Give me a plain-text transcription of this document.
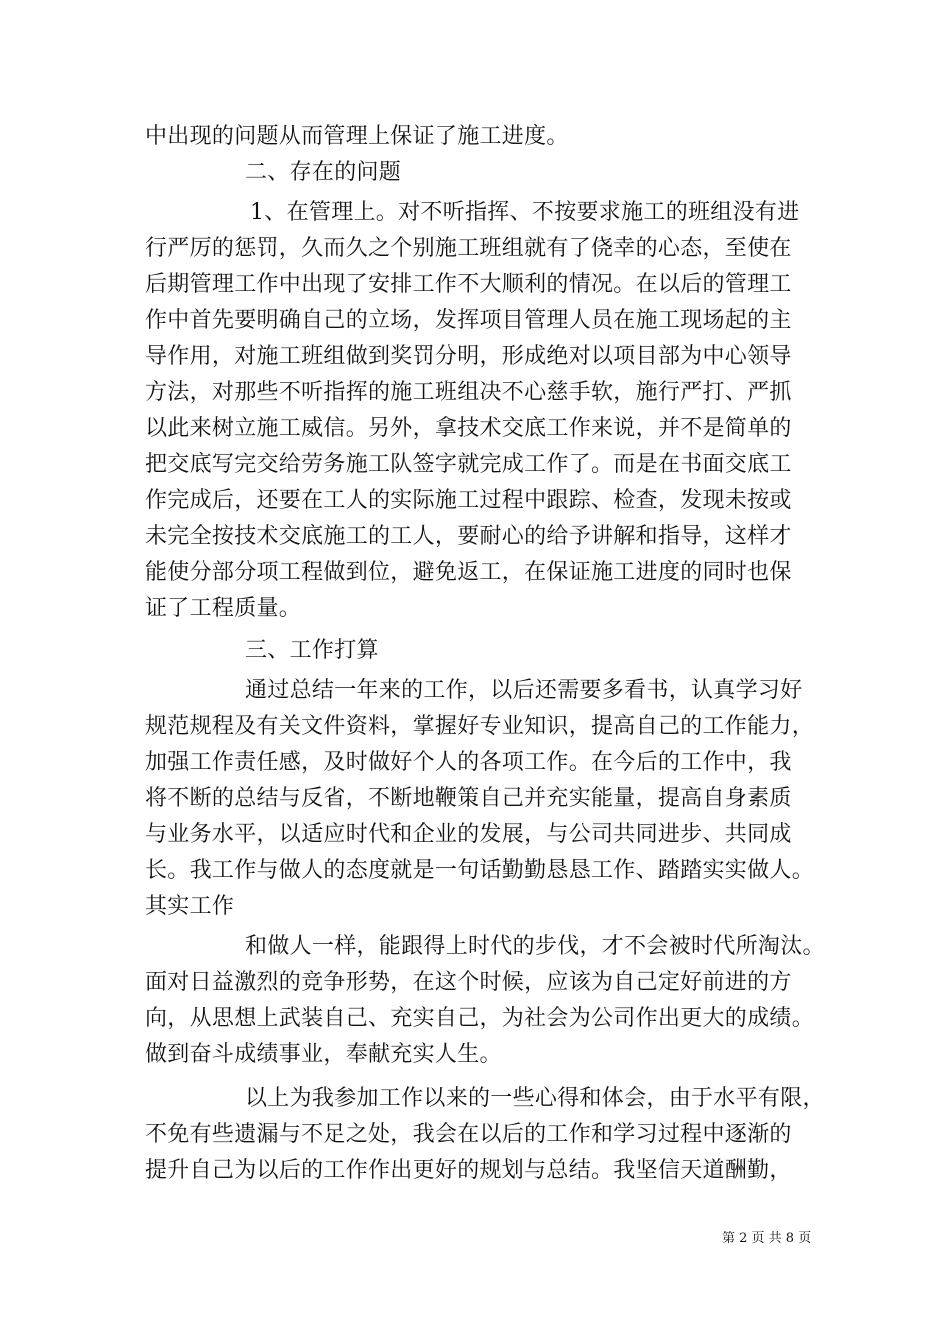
中出现的问题从而管理上保证了施工进度。
二、存在的问题
1、在管理上。对不听指挥、不按要求施工的班组没有进
行严厉的惩罚，久而久之个别施工班组就有了侥幸的心态，至使在
后期管理工作中出现了安排工作不大顺利的情况。在以后的管理工
作中首先要明确自己的立场，发挥项目管理人员在施工现场起的主
导作用，对施工班组做到奖罚分明，形成绝对以项目部为中心领导
方法，对那些不听指挥的施工班组决不心慈手软，施行严打、严抓
以此来树立施工威信。另外，拿技术交底工作来说，并不是简单的
把交底写完交给劳务施工队签字就完成工作了。而是在书面交底工
作完成后，还要在工人的实际施工过程中跟踪、检查，发现未按或
未完全按技术交底施工的工人，要耐心的给予讲解和指导，这样才
能使分部分项工程做到位，避免返工，在保证施工进度的同时也保
证了工程质量。
三、工作打算
通过总结一年来的工作，以后还需要多看书，认真学习好
规范规程及有关文件资料，掌握好专业知识，提高自己的工作能力，
加强工作责任感，及时做好个人的各项工作。在今后的工作中，我
将不断的总结与反省，不断地鞭策自己并充实能量，提高自身素质
与业务水平，以适应时代和企业的发展，与公司共同进步、共同成
长。我工作与做人的态度就是一句话勤勤恳恳工作、踏踏实实做人。
其实工作
和做人一样，能跟得上时代的步伐，才不会被时代所淘汰。
面对日益激烈的竞争形势，在这个时候，应该为自己定好前进的方
向，从思想上武装自己、充实自己，为社会为公司作出更大的成绩。
做到奋斗成绩事业，奉献充实人生。
以上为我参加工作以来的一些心得和体会，由于水平有限，
不免有些遗漏与不足之处，我会在以后的工作和学习过程中逐渐的
提升自己为以后的工作作出更好的规划与总结。我坚信天道酬勤，
第 2 页 共 8 页
